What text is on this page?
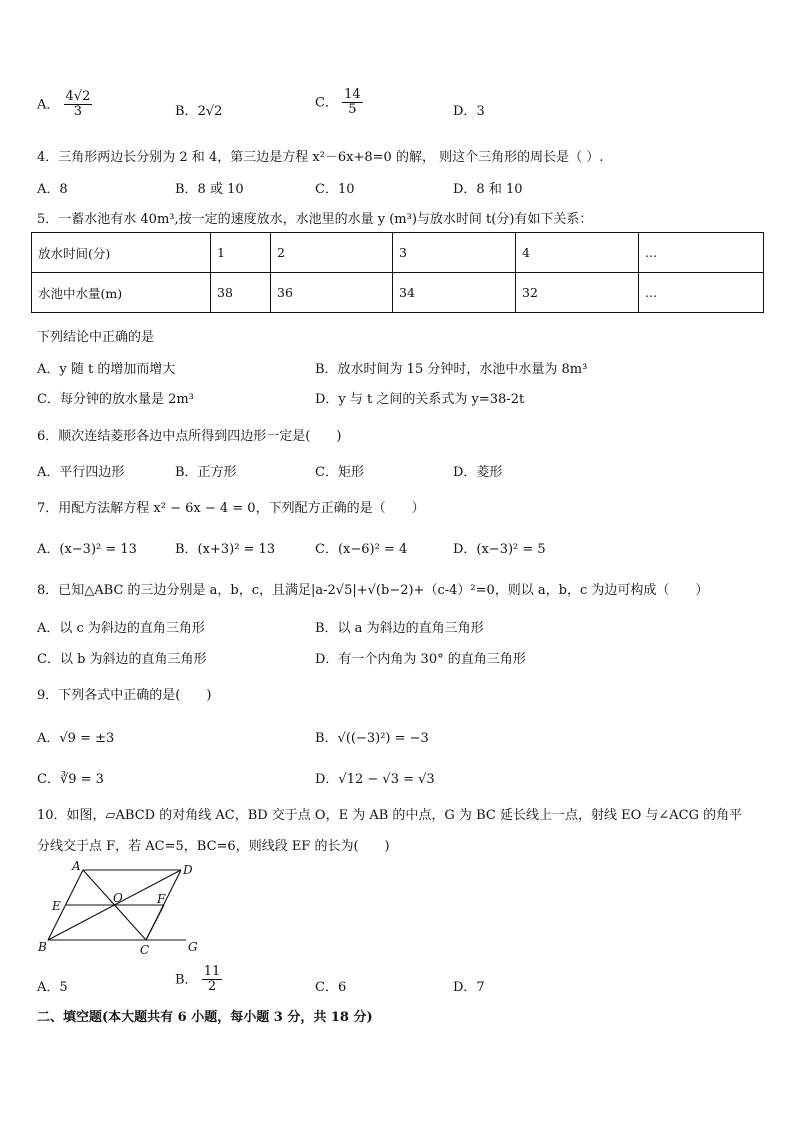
A． $\frac{4√2}{3}$	B．2√2
C． $\frac{14}{5}$	D．3
4．三角形两边长分别为 2 和 4，第三边是方程 x²－6x+8=0 的解， 则这个三角形的周长是（ ）.
A．8	B．8 或 10	C．10	D．8 和 10
5．一蓄水池有水 40m³,按一定的速度放水，水池里的水量 y (m³)与放水时间 t(分)有如下关系：
放水时间(分)	1	2	3	4	...
水池中水量(m)	38	36	34	32	...
下列结论中正确的是
A．y 随 t 的增加而增大	B．放水时间为 15 分钟时，水池中水量为 8m³
C．每分钟的放水量是 2m³	D．y 与 t 之间的关系式为 y=38-2t
6．顺次连结菱形各边中点所得到四边形一定是(　　)
A．平行四边形	B．正方形	C．矩形	D．菱形
7．用配方法解方程 x² − 6x − 4 = 0，下列配方正确的是（　　）
A．(x−3)² = 13	B．(x+3)² = 13	C．(x−6)² = 4	D．(x−3)² = 5
8．已知△ABC 的三边分别是 a，b，c，且满足|a-2√5|+√(b−2)+（c-4）²=0，则以 a，b，c 为边可构成（　　）
A．以 c 为斜边的直角三角形	B．以 a 为斜边的直角三角形
C．以 b 为斜边的直角三角形	D．有一个内角为 30° 的直角三角形
9．下列各式中正确的是(　　)
A．√9 = ±3	B．√((−3)²) = −3
C．∛9 = 3	D．√12 − √3 = √3
10．如图，▱ABCD 的对角线 AC，BD 交于点 O，E 为 AB 的中点，G 为 BC 延长线上一点，射线 EO 与∠ACG 的角平
分线交于点 F，若 AC=5，BC=6，则线段 EF 的长为(　　)
A	D
E
O	F
B	C	G
A．5
B． $\frac{11}{2}$	C．6	D．7
二、填空题(本大题共有 6 小题，每小题 3 分，共 18 分)
